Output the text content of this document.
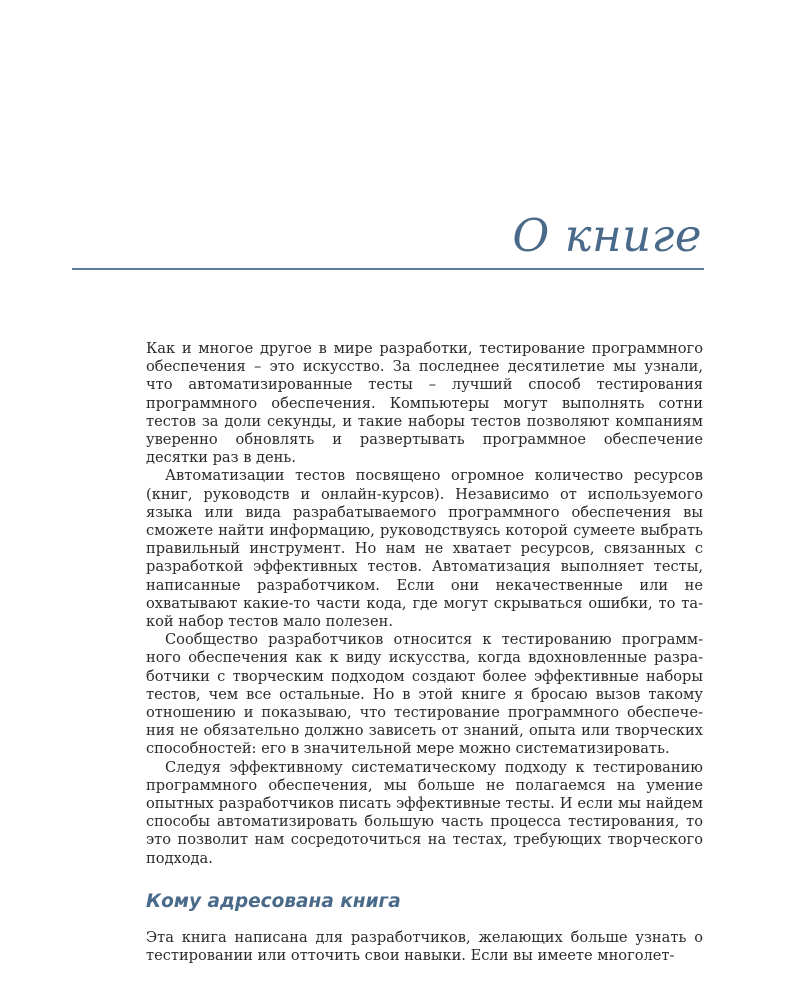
О книге

Как и многое другое в мире разработки, тестирование программного обеспечения – это искусство. За последнее десятилетие мы узнали, что автоматизированные тесты – лучший способ тестирования программного обеспечения. Компьютеры могут выполнять сотни тестов за доли секунды, и такие наборы тестов позволяют компаниям уверенно обновлять и развертывать программное обеспечение десятки раз в день.

Автоматизации тестов посвящено огромное количество ресурсов (книг, руководств и онлайн-курсов). Независимо от используемого языка или вида разрабатываемого программного обеспечения вы сможете найти информацию, руководствуясь которой сумеете выбрать правильный инструмент. Но нам не хватает ресурсов, связанных с разработкой эффективных тестов. Автоматизация выполняет тесты, написанные разработчиком. Если они некачественные или не охватывают какие-то части кода, где могут скрываться ошибки, то такой набор тестов мало полезен.

Сообщество разработчиков относится к тестированию программного обеспечения как к виду искусства, когда вдохновленные разработчики с творческим подходом создают более эффективные наборы тестов, чем все остальные. Но в этой книге я бросаю вызов такому отношению и показываю, что тестирование программного обеспечения не обязательно должно зависеть от знаний, опыта или творческих способностей: его в значительной мере можно систематизировать.

Следуя эффективному систематическому подходу к тестированию программного обеспечения, мы больше не полагаемся на умение опытных разработчиков писать эффективные тесты. И если мы найдем способы автоматизировать большую часть процесса тестирования, то это позволит нам сосредоточиться на тестах, требующих творческого подхода.

Кому адресована книга

Эта книга написана для разработчиков, желающих больше узнать о тестировании или отточить свои навыки. Если вы имеете многолет-
